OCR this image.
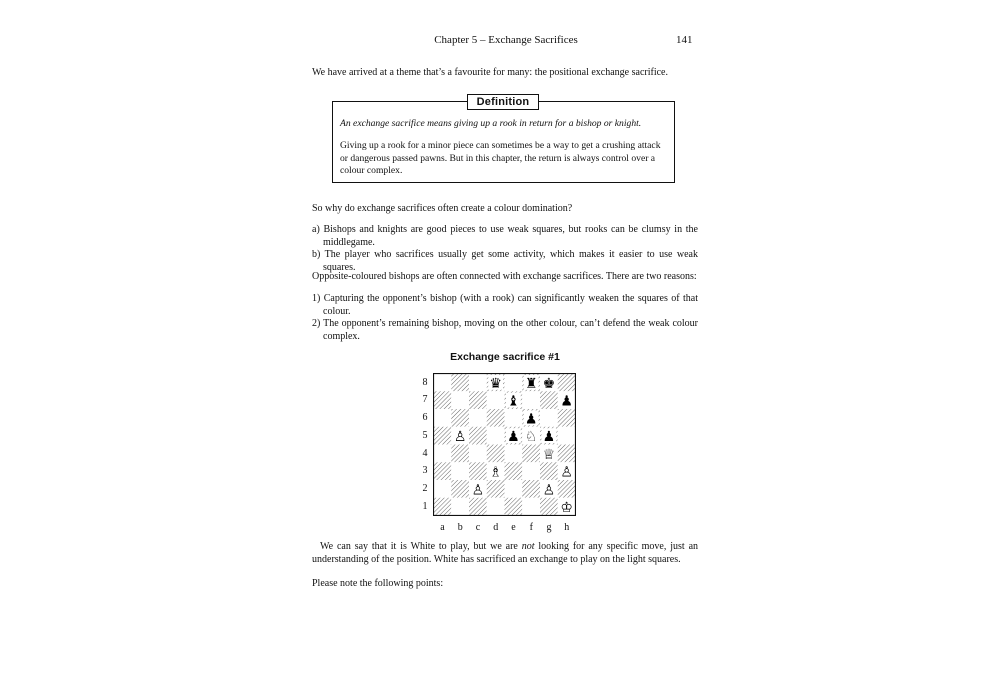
Chapter 5 – Exchange Sacrifices	141

We have arrived at a theme that’s a favourite for many: the positional exchange sacrifice.

Definition
An exchange sacrifice means giving up a rook in return for a bishop or knight.
Giving up a rook for a minor piece can sometimes be a way to get a crushing attack or dangerous passed pawns. But in this chapter, the return is always control over a colour complex.

So why do exchange sacrifices often create a colour domination?

a) Bishops and knights are good pieces to use weak squares, but rooks can be clumsy in the middlegame.
b) The player who sacrifices usually get some activity, which makes it easier to use weak squares.

Opposite-coloured bishops are often connected with exchange sacrifices. There are two reasons:

1) Capturing the opponent’s bishop (with a rook) can significantly weaken the squares of that colour.
2) The opponent’s remaining bishop, moving on the other colour, can’t defend the weak colour complex.
Exchange sacrifice #1
♛ ♜ ♚
♝	♟
♟
♙	♟ ♘ ♟
♕
♗	♙
♙	♙
♔
8
7
6
5
4
3
2
1
a	b	c	d	e	f	g	h

We can say that it is White to play, but we are not looking for any specific move, just an understanding of the position. White has sacrificed an exchange to play on the light squares.

Please note the following points:
